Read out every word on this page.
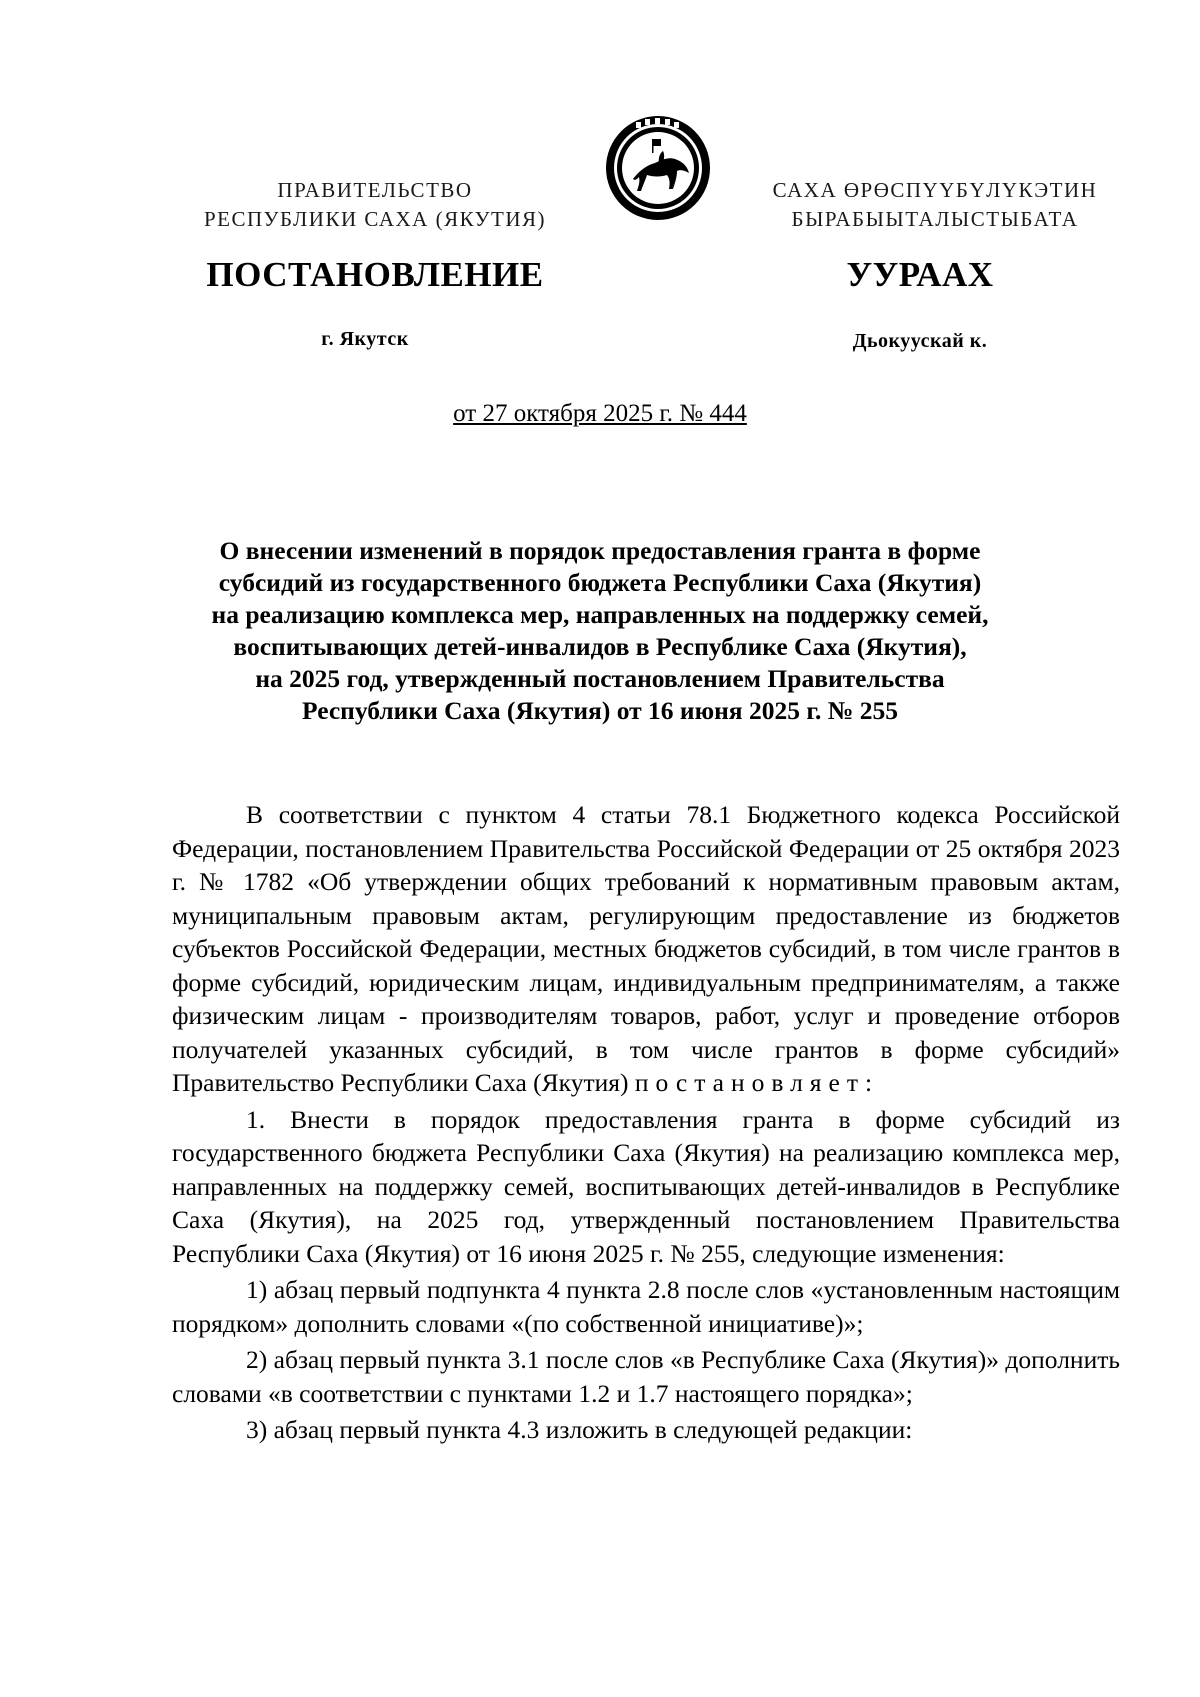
ПРАВИТЕЛЬСТВО
РЕСПУБЛИКИ САХА (ЯКУТИЯ)
САХА ӨРӨСПҮҮБҮЛҮКЭТИН
БЫРАБЫЫТАЛЫСТЫБАТА
ПОСТАНОВЛЕНИЕ	УУРААХ
г. Якутск	Дьокуускай к.
от 27 октября 2025 г. № 444
О внесении изменений в порядок предоставления гранта в форме
субсидий из государственного бюджета Республики Саха (Якутия)
на реализацию комплекса мер, направленных на поддержку семей,
воспитывающих детей-инвалидов в Республике Саха (Якутия),
на 2025 год, утвержденный постановлением Правительства
Республики Саха (Якутия) от 16 июня 2025 г. № 255

В соответствии с пунктом 4 статьи 78.1 Бюджетного кодекса Российской Федерации, постановлением Правительства Российской Федерации от 25 октября 2023 г. № 1782 «Об утверждении общих требований к нормативным правовым актам, муниципальным правовым актам, регулирующим предоставление из бюджетов субъектов Российской Федерации, местных бюджетов субсидий, в том числе грантов в форме субсидий, юридическим лицам, индивидуальным предпринимателям, а также физическим лицам - производителям товаров, работ, услуг и проведение отборов получателей указанных субсидий, в том числе грантов в форме субсидий» Правительство Республики Саха (Якутия) постановляет:

1. Внести в порядок предоставления гранта в форме субсидий из государственного бюджета Республики Саха (Якутия) на реализацию комплекса мер, направленных на поддержку семей, воспитывающих детей-инвалидов в Республике Саха (Якутия), на 2025 год, утвержденный постановлением Правительства Республики Саха (Якутия) от 16 июня 2025 г. № 255, следующие изменения:

1) абзац первый подпункта 4 пункта 2.8 после слов «установленным настоящим порядком» дополнить словами «(по собственной инициативе)»;

2) абзац первый пункта 3.1 после слов «в Республике Саха (Якутия)» дополнить словами «в соответствии с пунктами 1.2 и 1.7 настоящего порядка»;

3) абзац первый пункта 4.3 изложить в следующей редакции:
